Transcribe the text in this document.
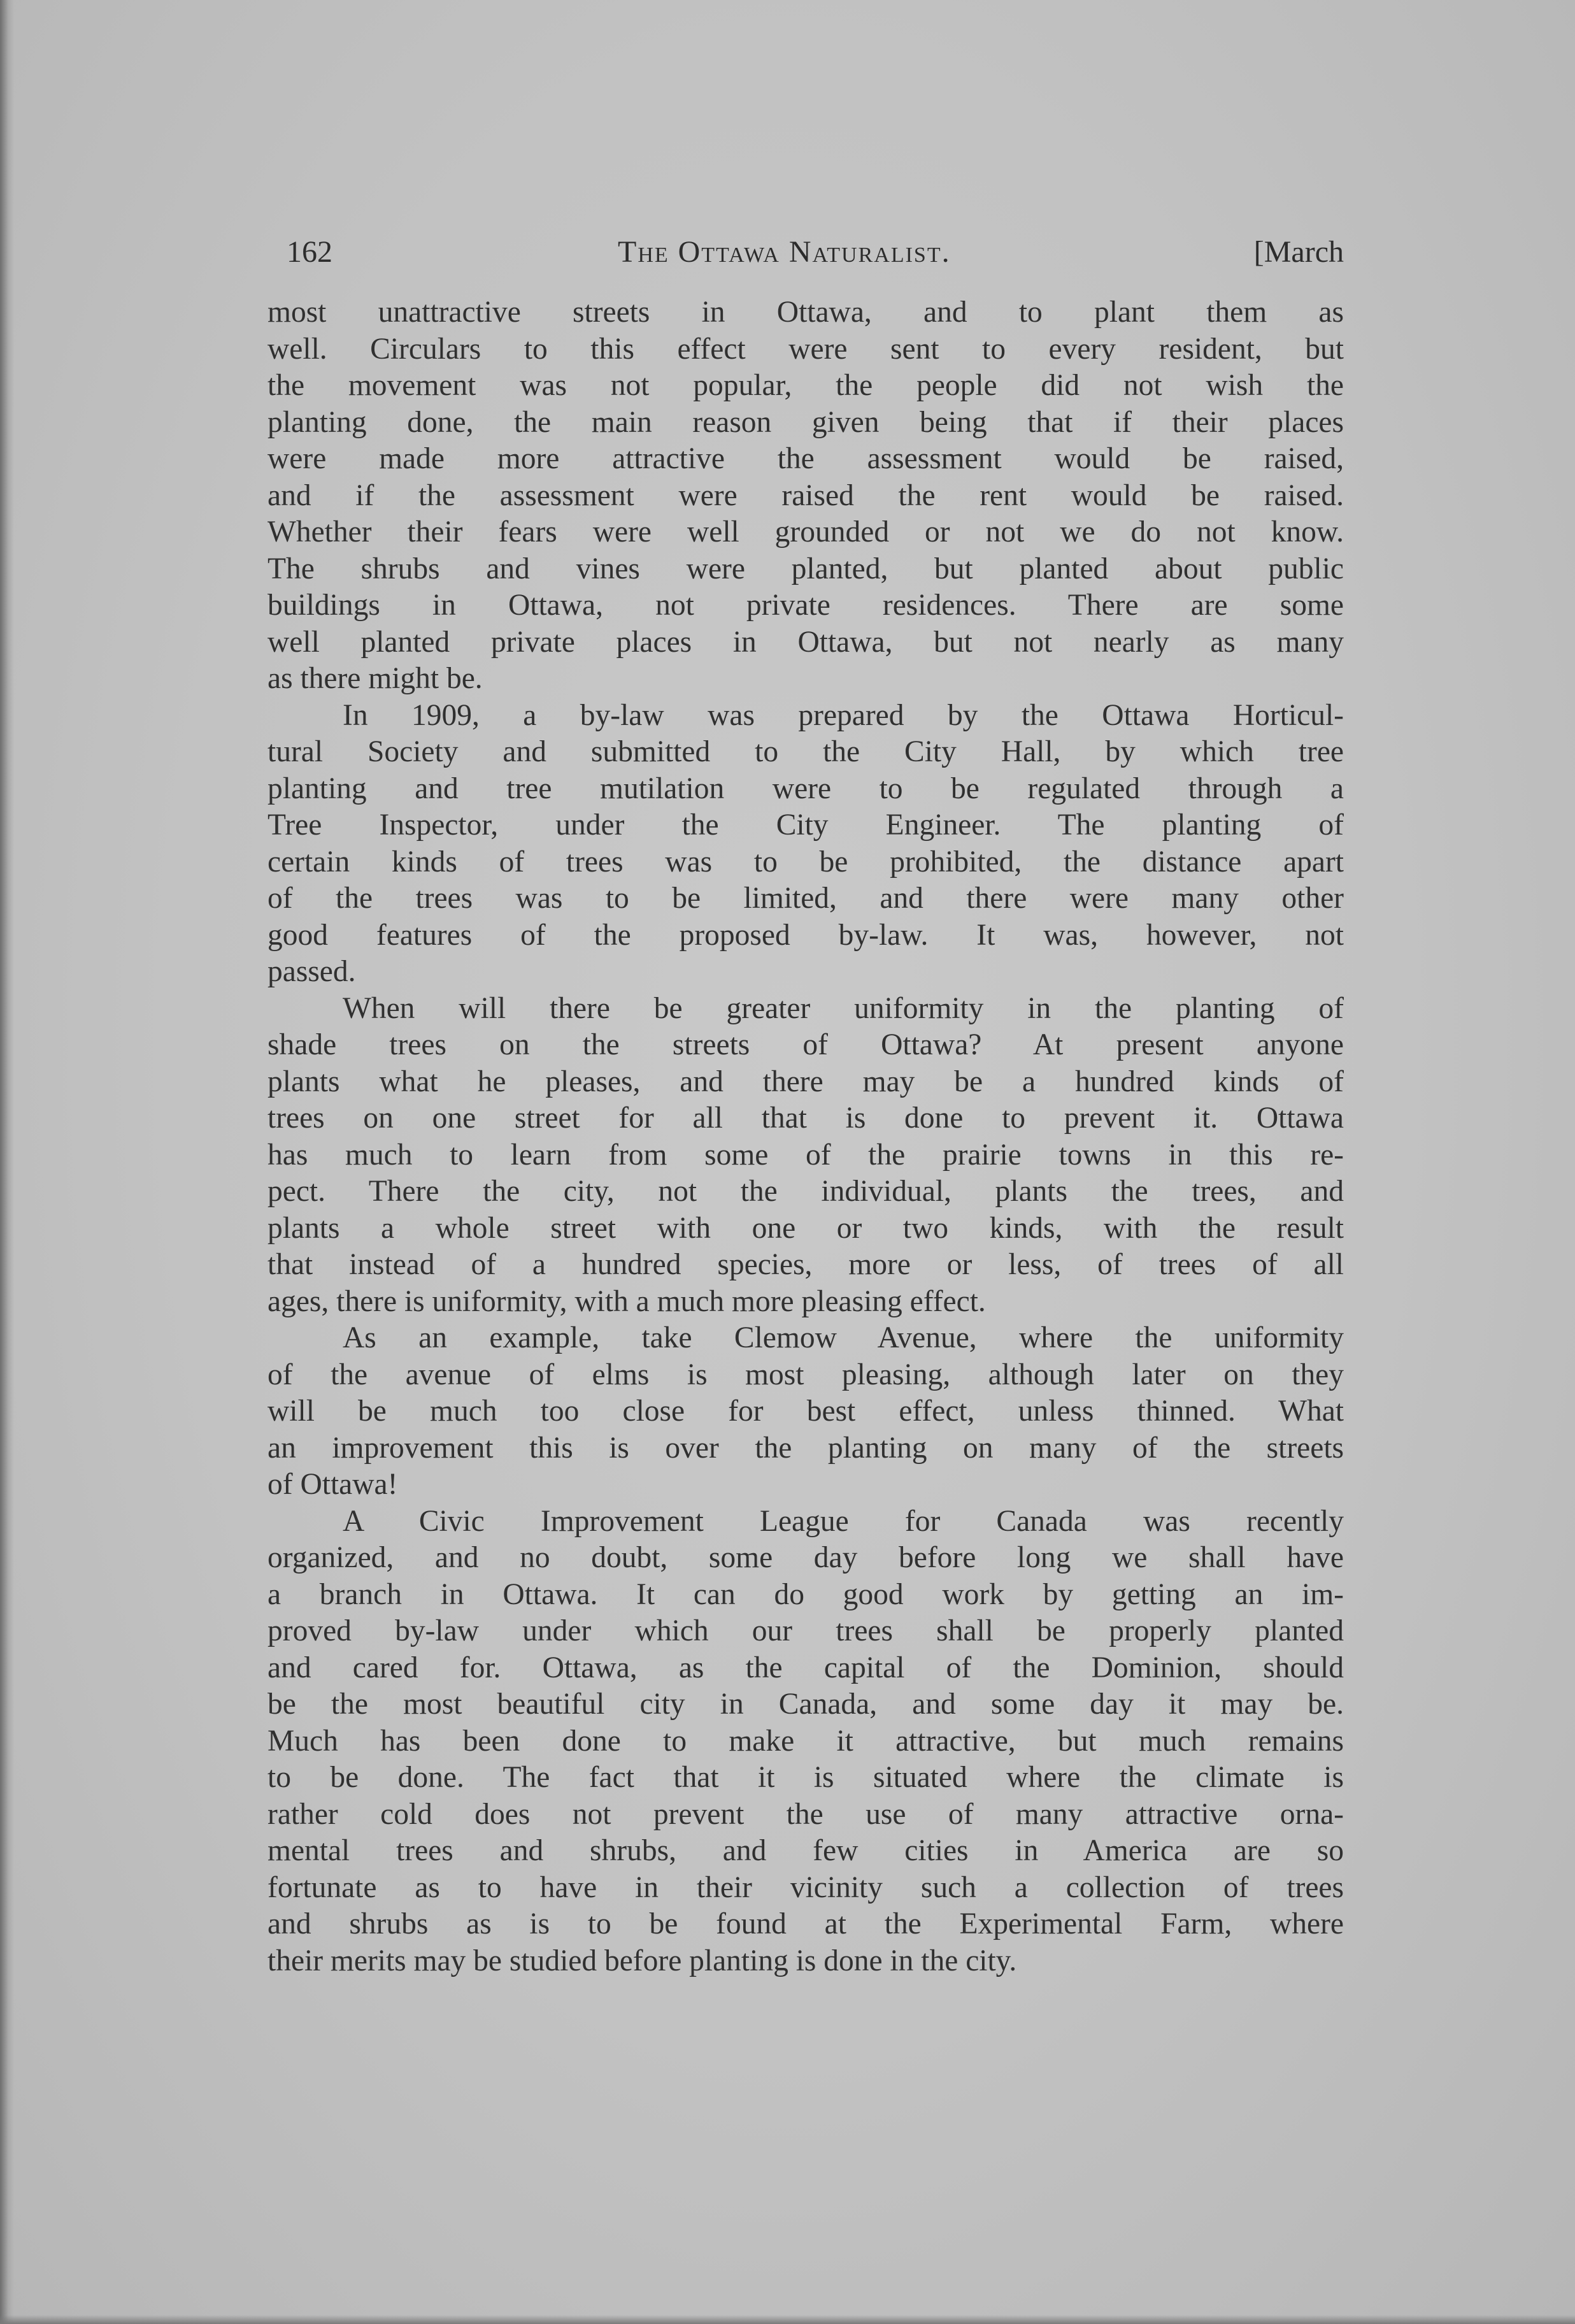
162	The Ottawa Naturalist.	[March

most unattractive streets in Ottawa, and to plant them as
well. Circulars to this effect were sent to every resident, but
the movement was not popular, the people did not wish the
planting done, the main reason given being that if their places
were made more attractive the assessment would be raised,
and if the assessment were raised the rent would be raised.
Whether their fears were well grounded or not we do not know.
The shrubs and vines were planted, but planted about public
buildings in Ottawa, not private residences. There are some
well planted private places in Ottawa, but not nearly as many
as there might be.

In 1909, a by-law was prepared by the Ottawa Horticul-
tural Society and submitted to the City Hall, by which tree
planting and tree mutilation were to be regulated through a
Tree Inspector, under the City Engineer. The planting of
certain kinds of trees was to be prohibited, the distance apart
of the trees was to be limited, and there were many other
good features of the proposed by-law. It was, however, not
passed.

When will there be greater uniformity in the planting of
shade trees on the streets of Ottawa? At present anyone
plants what he pleases, and there may be a hundred kinds of
trees on one street for all that is done to prevent it. Ottawa
has much to learn from some of the prairie towns in this re-
pect. There the city, not the individual, plants the trees, and
plants a whole street with one or two kinds, with the result
that instead of a hundred species, more or less, of trees of all
ages, there is uniformity, with a much more pleasing effect.

As an example, take Clemow Avenue, where the uniformity
of the avenue of elms is most pleasing, although later on they
will be much too close for best effect, unless thinned. What
an improvement this is over the planting on many of the streets
of Ottawa!

A Civic Improvement League for Canada was recently
organized, and no doubt, some day before long we shall have
a branch in Ottawa. It can do good work by getting an im-
proved by-law under which our trees shall be properly planted
and cared for. Ottawa, as the capital of the Dominion, should
be the most beautiful city in Canada, and some day it may be.
Much has been done to make it attractive, but much remains
to be done. The fact that it is situated where the climate is
rather cold does not prevent the use of many attractive orna-
mental trees and shrubs, and few cities in America are so
fortunate as to have in their vicinity such a collection of trees
and shrubs as is to be found at the Experimental Farm, where
their merits may be studied before planting is done in the city.
